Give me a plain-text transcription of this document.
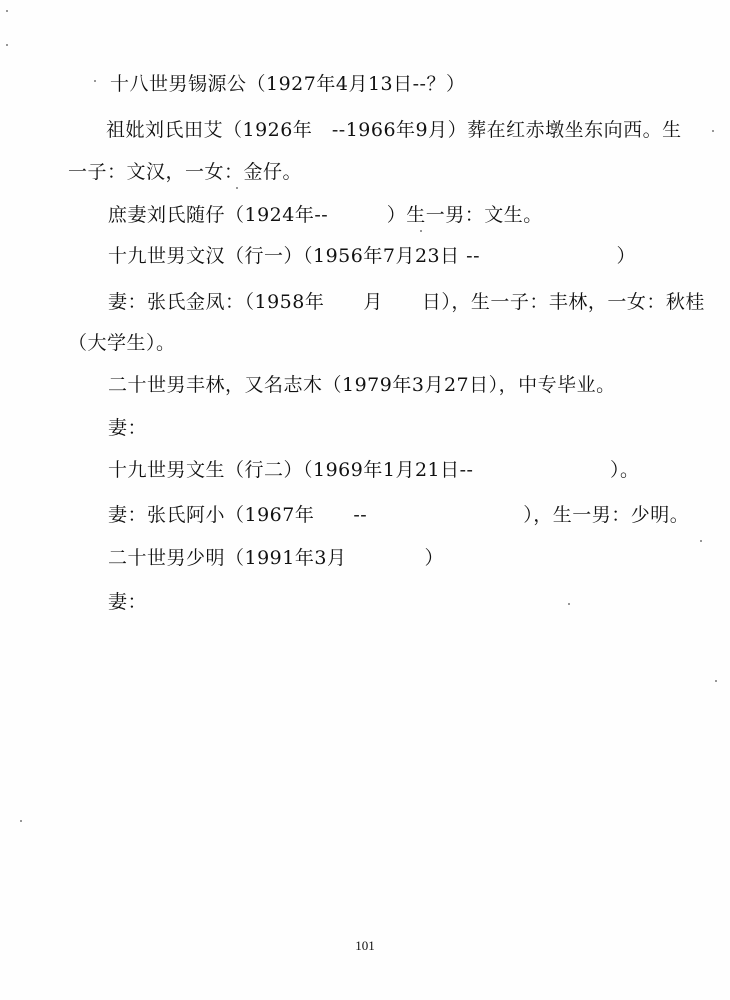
十八世男锡源公（1927年4月13日--？）
祖妣刘氏田艾（1926年　--1966年9月）葬在红赤墩坐东向西。生
一子：文汉，一女：金仔。
庶妻刘氏随仔（1924年--　　　）生一男：文生。
十九世男文汉（行一）（1956年7月23日 --　　　　　　　）
妻：张氏金凤：（1958年　　月　　日），生一子：丰林，一女：秋桂
（大学生）。
二十世男丰林，又名志木（1979年3月27日），中专毕业。
妻：
十九世男文生（行二）（1969年1月21日--　　　　　　　）。
妻：张氏阿小（1967年　　--　　　　　　　　），生一男：少明。
二十世男少明（1991年3月　　　　）
妻：
101
